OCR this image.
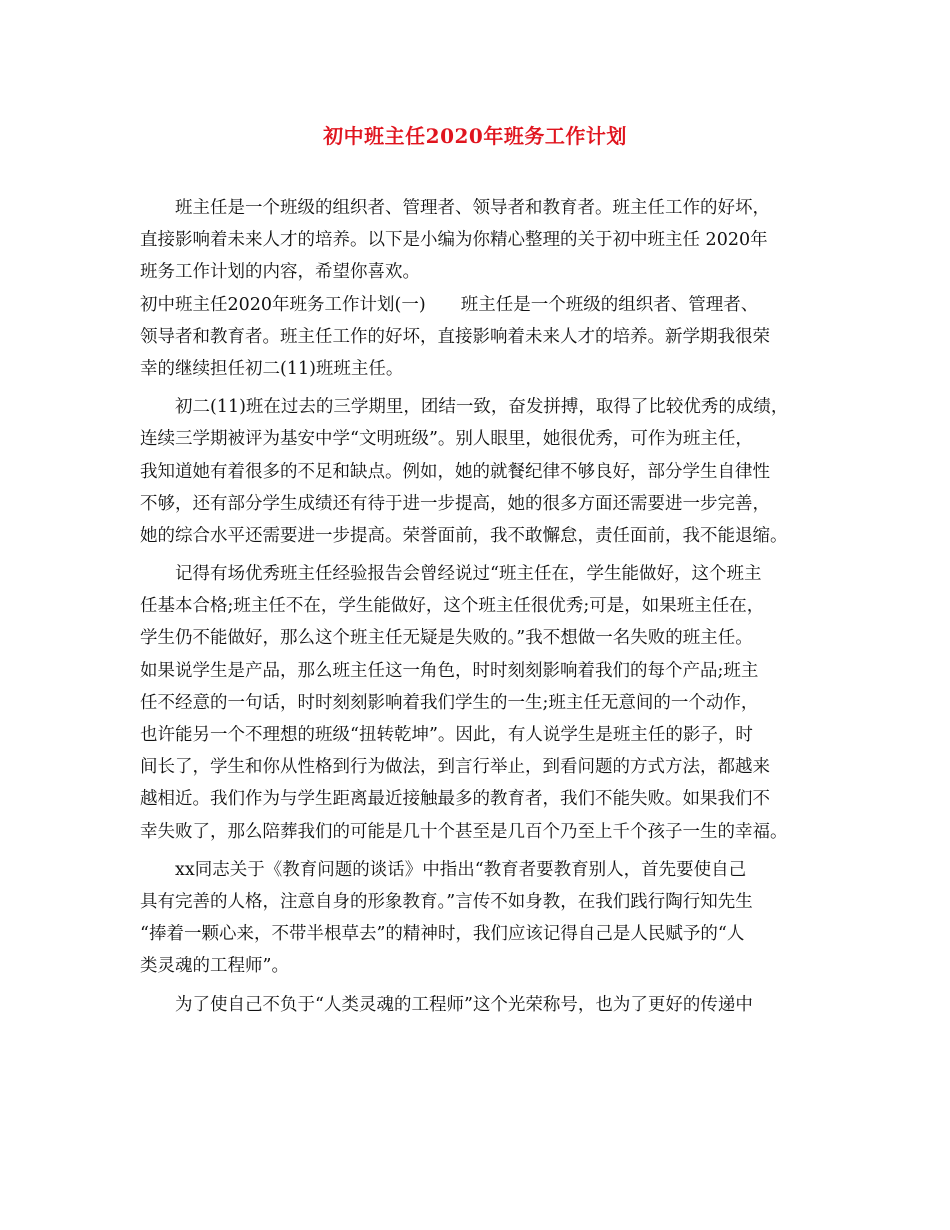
初中班主任2020年班务工作计划
班主任是一个班级的组织者、管理者、领导者和教育者。班主任工作的好坏，
直接影响着未来人才的培养。以下是小编为你精心整理的关于初中班主任 2020年
班务工作计划的内容，希望你喜欢。
初中班主任2020年班务工作计划(一)　　班主任是一个班级的组织者、管理者、
领导者和教育者。班主任工作的好坏，直接影响着未来人才的培养。新学期我很荣
幸的继续担任初二(11)班班主任。
初二(11)班在过去的三学期里，团结一致，奋发拼搏，取得了比较优秀的成绩，
连续三学期被评为基安中学“文明班级”。别人眼里，她很优秀，可作为班主任，
我知道她有着很多的不足和缺点。例如，她的就餐纪律不够良好，部分学生自律性
不够，还有部分学生成绩还有待于进一步提高，她的很多方面还需要进一步完善，
她的综合水平还需要进一步提高。荣誉面前，我不敢懈怠，责任面前，我不能退缩。
记得有场优秀班主任经验报告会曾经说过“班主任在，学生能做好，这个班主
任基本合格;班主任不在，学生能做好，这个班主任很优秀;可是，如果班主任在，
学生仍不能做好，那么这个班主任无疑是失败的。”我不想做一名失败的班主任。
如果说学生是产品，那么班主任这一角色，时时刻刻影响着我们的每个产品;班主
任不经意的一句话，时时刻刻影响着我们学生的一生;班主任无意间的一个动作，
也许能另一个不理想的班级“扭转乾坤”。因此，有人说学生是班主任的影子，时
间长了，学生和你从性格到行为做法，到言行举止，到看问题的方式方法，都越来
越相近。我们作为与学生距离最近接触最多的教育者，我们不能失败。如果我们不
幸失败了，那么陪葬我们的可能是几十个甚至是几百个乃至上千个孩子一生的幸福。
xx同志关于《教育问题的谈话》中指出“教育者要教育别人，首先要使自己
具有完善的人格，注意自身的形象教育。”言传不如身教，在我们践行陶行知先生
“捧着一颗心来，不带半根草去”的精神时，我们应该记得自己是人民赋予的“人
类灵魂的工程师”。
为了使自己不负于“人类灵魂的工程师”这个光荣称号，也为了更好的传递中
